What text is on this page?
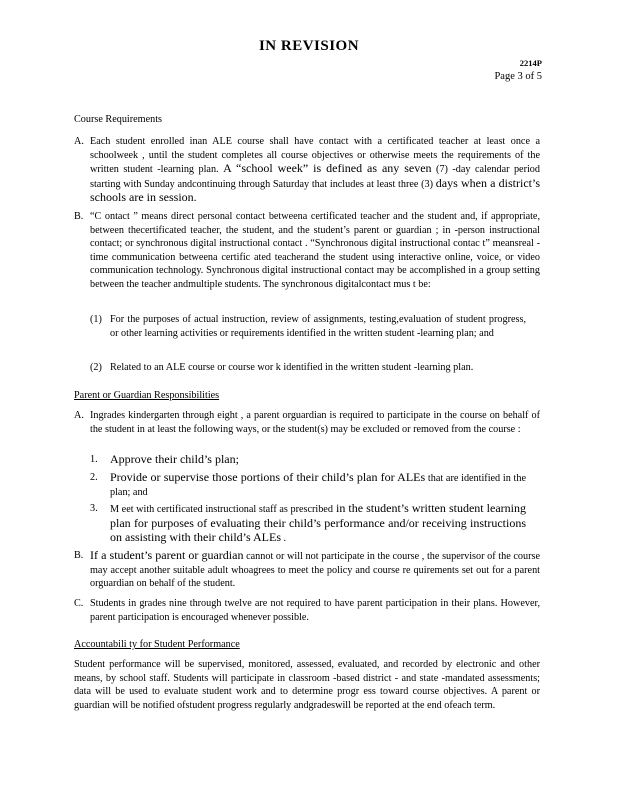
IN REVISION
2214P
Page 3 of 5
Course Requirements
A. Each student enrolled inan ALE course shall have contact with a certificated teacher at least once a schoolweek , until the student completes all course objectives or otherwise meets the requirements of the written student -learning plan. A “school week” is defined as any seven (7) -day calendar period starting with Sunday andcontinuing through Saturday that includes at least three (3) days when a district’s schools are in session.
B. “C ontact ” means direct personal contact betweena certificated teacher and the student and, if appropriate, between thecertificated teacher, the student, and the student’s parent or guardian ; in -person instructional contact; or synchronous digital instructional contact . “Synchronous digital instructional contac t” meansreal -time communication betweena certific ated teacherand the student using interactive online, voice, or video communication technology. Synchronous digital instructional contact may be accomplished in a group setting between the teacher andmultiple students. The synchronous digitalcontact mus t be:
(1) For the purposes of actual instruction, review of assignments, testing,evaluation of student progress, or other learning activities or requirements identified in the written student -learning plan; and
(2) Related to an ALE course or course wor k identified in the written student -learning plan.
Parent or Guardian Responsibilities
A. Ingrades kindergarten through eight , a parent orguardian is required to participate in the course on behalf of the student in at least the following ways, or the student(s) may be excluded or removed from the course :
1. Approve their child’s plan;
2. Provide or supervise those portions of their child’s plan for ALEs that are identified in the plan; and
3. M eet with certificated instructional staff as prescribed in the student’s written student learning plan for purposes of evaluating their child’s performance and/or receiving instructions on assisting with their child’s ALEs .
B. If a student’s parent or guardian cannot or will not participate in the course , the supervisor of the course may accept another suitable adult whoagrees to meet the policy and course re quirements set out for a parent orguardian on behalf of the student.
C. Students in grades nine through twelve are not required to have parent participation in their plans. However, parent participation is encouraged whenever possible.
Accountabili ty for Student Performance
Student performance will be supervised, monitored, assessed, evaluated, and recorded by electronic and other means, by school staff. Students will participate in classroom -based district - and state -mandated assessments; data will be used to evaluate student work and to determine progr ess toward course objectives. A parent or guardian will be notified ofstudent progress regularly andgradeswill be reported at the end ofeach term.
